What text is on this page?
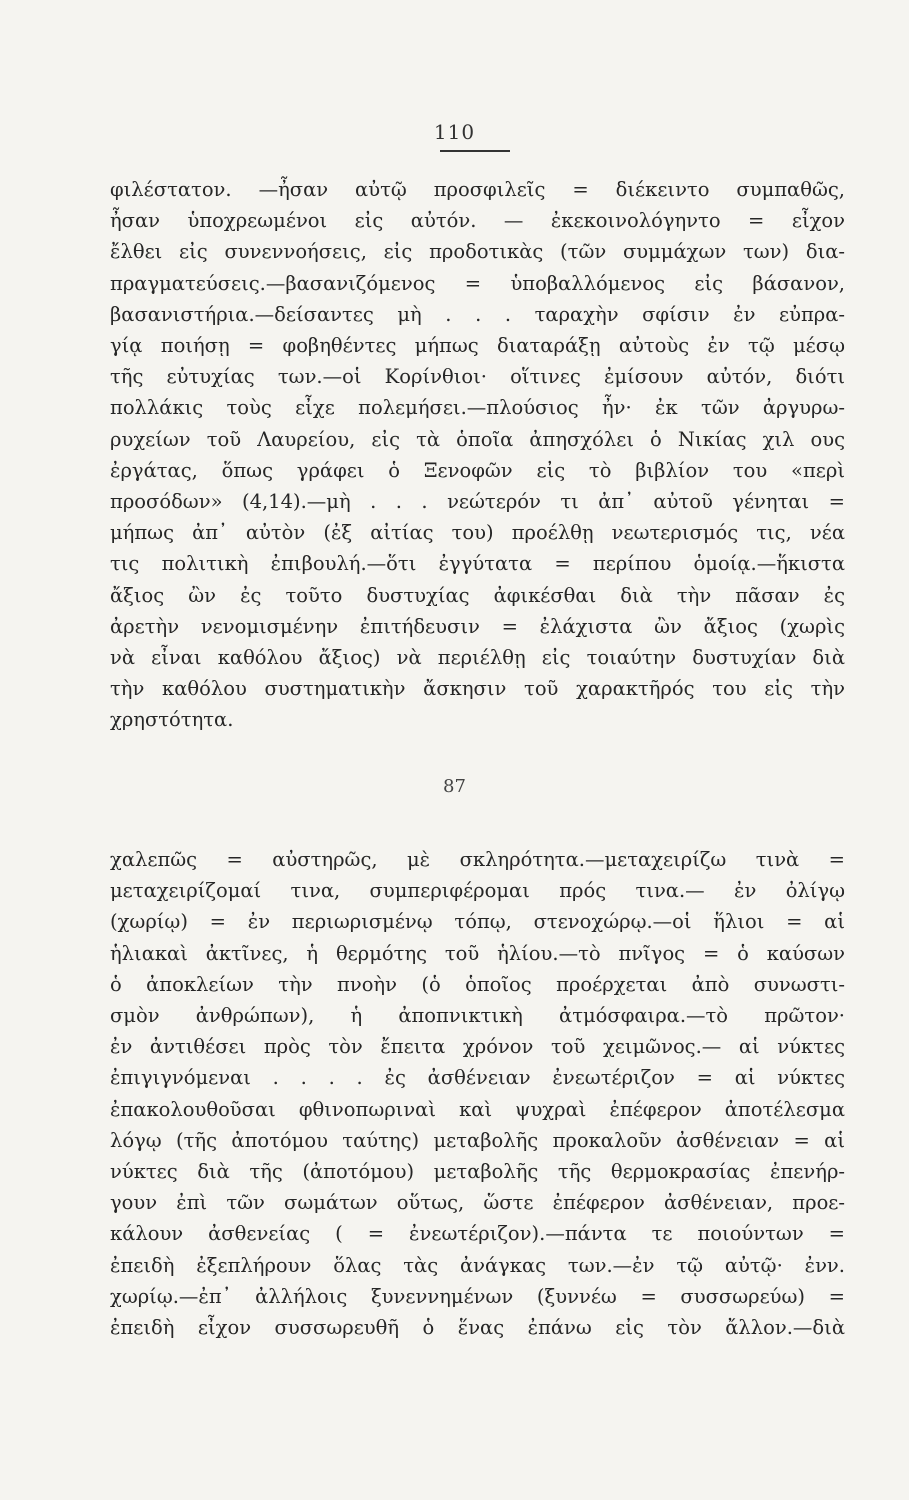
110
φιλέστατον. —ἦσαν αὐτῷ προσφιλεῖς = διέκειντο συμπαθῶς,
ἦσαν ὑποχρεωμένοι εἰς αὐτόν. — ἐκεκοινολόγηντο = εἶχον
ἔλθει εἰς συνεννοήσεις, εἰς προδοτικὰς (τῶν συμμάχων των) δια-
πραγματεύσεις.—βασανιζόμενος = ὑποβαλλόμενος εἰς βάσανον,
βασανιστήρια.—δείσαντες μὴ . . . ταραχὴν σφίσιν ἐν εὐπρα-
γίᾳ ποιήσῃ = φοβηθέντες μήπως διαταράξῃ αὐτοὺς ἐν τῷ μέσῳ
τῆς εὐτυχίας των.—οἱ Κορίνθιοι· οἵτινες ἐμίσουν αὐτόν, διότι
πολλάκις τοὺς εἶχε πολεμήσει.—πλούσιος ἦν· ἐκ τῶν ἀργυρω-
ρυχείων τοῦ Λαυρείου, εἰς τὰ ὁποῖα ἀπησχόλει ὁ Νικίας χιλ ους
ἐργάτας, ὅπως γράφει ὁ Ξενοφῶν εἰς τὸ βιβλίον του «περὶ
προσόδων» (4,14).—μὴ . . . νεώτερόν τι ἀπ᾽ αὐτοῦ γένηται =
μήπως ἀπ᾽ αὐτὸν (ἐξ αἰτίας του) προέλθῃ νεωτερισμός τις, νέα
τις πολιτικὴ ἐπιβουλή.—ὅτι ἐγγύτατα = περίπου ὁμοίᾳ.—ἥκιστα
ἄξιος ὢν ἐς τοῦτο δυστυχίας ἀφικέσθαι διὰ τὴν πᾶσαν ἐς
ἀρετὴν νενομισμένην ἐπιτήδευσιν = ἐλάχιστα ὢν ἄξιος (χωρὶς
νὰ εἶναι καθόλου ἄξιος) νὰ περιέλθῃ εἰς τοιαύτην δυστυχίαν διὰ
τὴν καθόλου συστηματικὴν ἄσκησιν τοῦ χαρακτῆρός του εἰς τὴν
χρηστότητα.
87
χαλεπῶς = αὐστηρῶς, μὲ σκληρότητα.—μεταχειρίζω τινὰ =
μεταχειρίζομαί τινα, συμπεριφέρομαι πρός τινα.— ἐν ὀλίγῳ
(χωρίῳ) = ἐν περιωρισμένῳ τόπῳ, στενοχώρῳ.—οἱ ἥλιοι = αἱ
ἡλιακαὶ ἀκτῖνες, ἡ θερμότης τοῦ ἡλίου.—τὸ πνῖγος = ὁ καύσων
ὁ ἀποκλείων τὴν πνοὴν (ὁ ὁποῖος προέρχεται ἀπὸ συνωστι-
σμὸν ἀνθρώπων), ἡ ἀποπνικτικὴ ἀτμόσφαιρα.—τὸ πρῶτον·
ἐν ἀντιθέσει πρὸς τὸν ἔπειτα χρόνον τοῦ χειμῶνος.— αἱ νύκτες
ἐπιγιγνόμεναι . . . . ἐς ἀσθένειαν ἐνεωτέριζον = αἱ νύκτες
ἐπακολουθοῦσαι φθινοπωριναὶ καὶ ψυχραὶ ἐπέφερον ἀποτέλεσμα
λόγῳ (τῆς ἀποτόμου ταύτης) μεταβολῆς προκαλοῦν ἀσθένειαν = αἱ
νύκτες διὰ τῆς (ἀποτόμου) μεταβολῆς τῆς θερμοκρασίας ἐπενήρ-
γουν ἐπὶ τῶν σωμάτων οὕτως, ὥστε ἐπέφερον ἀσθένειαν, προε-
κάλουν ἀσθενείας ( = ἐνεωτέριζον).—πάντα τε ποιούντων =
ἐπειδὴ ἐξεπλήρουν ὅλας τὰς ἀνάγκας των.—ἐν τῷ αὐτῷ· ἐνν.
χωρίῳ.—ἐπ᾽ ἀλλήλοις ξυνεννημένων (ξυννέω = συσσωρεύω) =
ἐπειδὴ εἶχον συσσωρευθῆ ὁ ἕνας ἐπάνω εἰς τὸν ἄλλον.—διὰ
